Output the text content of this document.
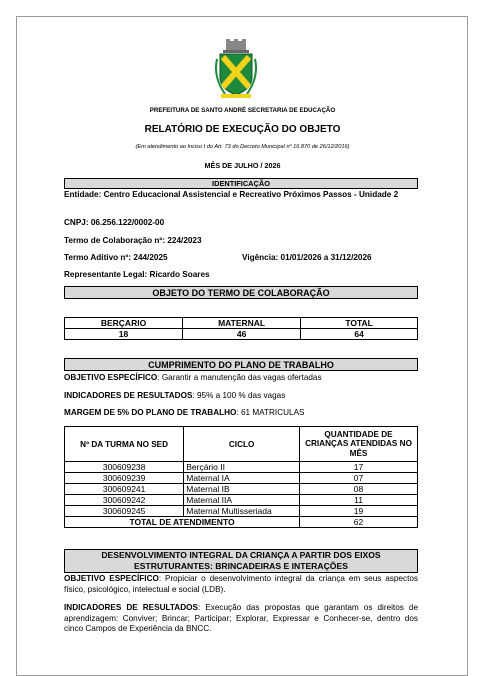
PREFEITURA DE SANTO ANDRÉ SECRETARIA DE EDUCAÇÃO
RELATÓRIO DE EXECUÇÃO DO OBJETO
(Em atendimento ao Inciso I do Art. 73 do Decreto Municipal nº 16.870 de 26/12/2016)
MÊS DE JULHO / 2026
IDENTIFICAÇÃO
Entidade: Centro Educacional Assistencial e Recreativo Próximos Passos - Unidade 2
CNPJ: 06.256.122/0002-00
Termo de Colaboração nº: 224/2023
Termo Aditivo nº: 244/2025	Vigência: 01/01/2026 a 31/12/2026
Representante Legal: Ricardo Soares
OBJETO DO TERMO DE COLABORAÇÃO
BERÇARIO	MATERNAL	TOTAL
18	46	64
CUMPRIMENTO DO PLANO DE TRABALHO
OBJETIVO ESPECÍFICO: Garantir a manutenção das vagas ofertadas
INDICADORES DE RESULTADOS: 95% a 100 % das vagas
MARGEM DE 5% DO PLANO DE TRABALHO: 61 MATRICULAS
Nº DA TURMA NO SED	CICLO	QUANTIDADE DE CRIANÇAS ATENDIDAS NO MÊS
300609238	Berçário II	17
300609239	Maternal IA	07
300609241	Maternal IB	08
300609242	Maternal IIA	11
300609245	Maternal Multisseriada	19
TOTAL DE ATENDIMENTO		62
DESENVOLVIMENTO INTEGRAL DA CRIANÇA A PARTIR DOS EIXOS
ESTRUTURANTES: BRINCADEIRAS E INTERAÇÕES
OBJETIVO ESPECÍFICO: Propiciar o desenvolvimento integral da criança em seus aspectos físico, psicológico, intelectual e social (LDB).
INDICADORES DE RESULTADOS: Execução das propostas que garantam os direitos de aprendizagem: Conviver; Brincar; Participar; Explorar, Expressar e Conhecer-se, dentro dos cinco Campos de Experiência da BNCC.
